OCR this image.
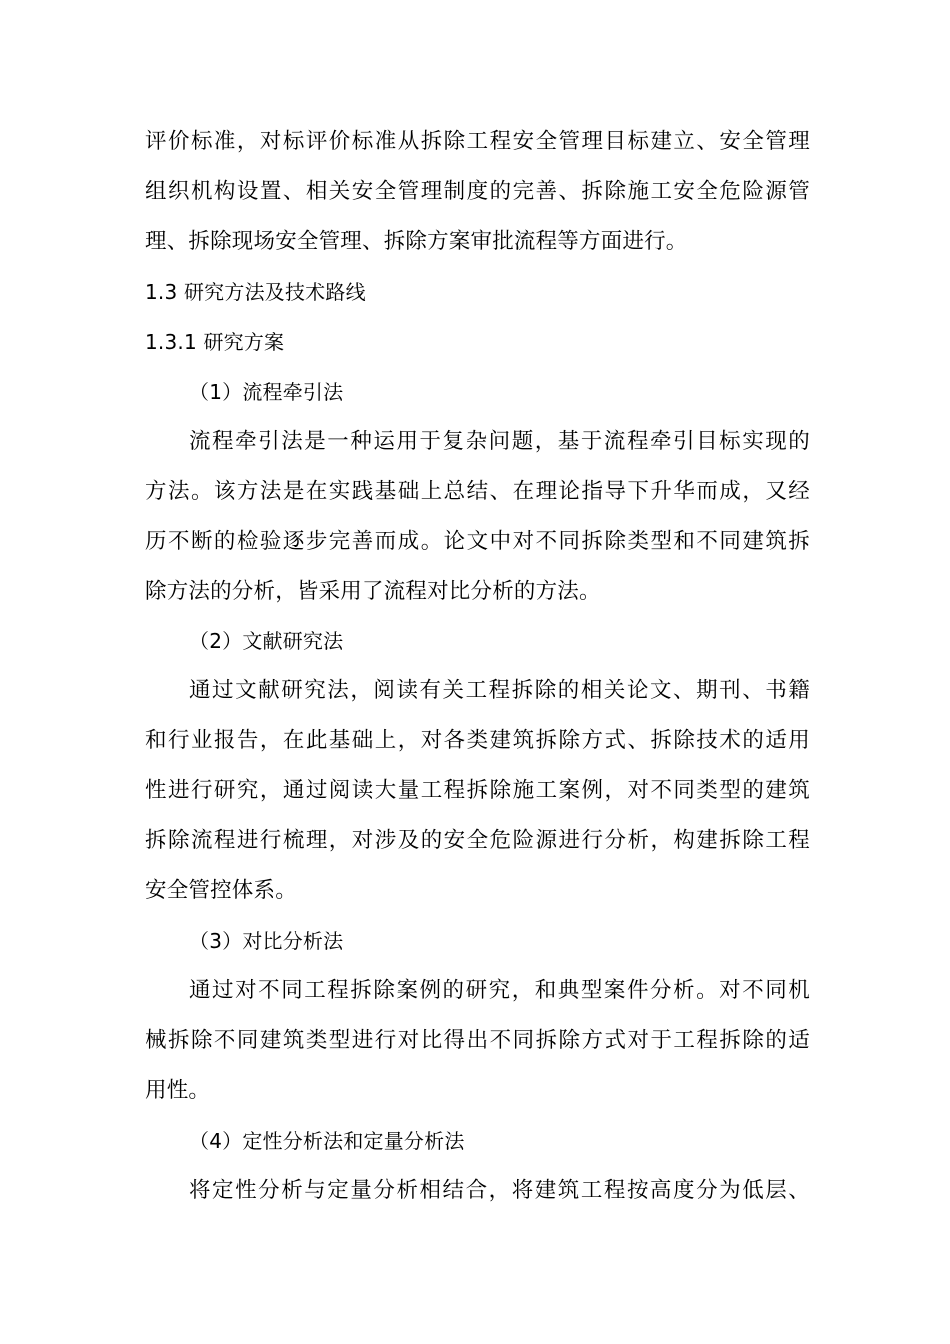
评价标准，对标评价标准从拆除工程安全管理目标建立、安全管理
组织机构设置、相关安全管理制度的完善、拆除施工安全危险源管
理、拆除现场安全管理、拆除方案审批流程等方面进行。
1.3 研究方法及技术路线
1.3.1 研究方案
（1）流程牵引法
流程牵引法是一种运用于复杂问题，基于流程牵引目标实现的
方法。该方法是在实践基础上总结、在理论指导下升华而成，又经
历不断的检验逐步完善而成。论文中对不同拆除类型和不同建筑拆
除方法的分析，皆采用了流程对比分析的方法。
（2）文献研究法
通过文献研究法，阅读有关工程拆除的相关论文、期刊、书籍
和行业报告，在此基础上，对各类建筑拆除方式、拆除技术的适用
性进行研究，通过阅读大量工程拆除施工案例，对不同类型的建筑
拆除流程进行梳理，对涉及的安全危险源进行分析，构建拆除工程
安全管控体系。
（3）对比分析法
通过对不同工程拆除案例的研究，和典型案件分析。对不同机
械拆除不同建筑类型进行对比得出不同拆除方式对于工程拆除的适
用性。
（4）定性分析法和定量分析法
将定性分析与定量分析相结合，将建筑工程按高度分为低层、
